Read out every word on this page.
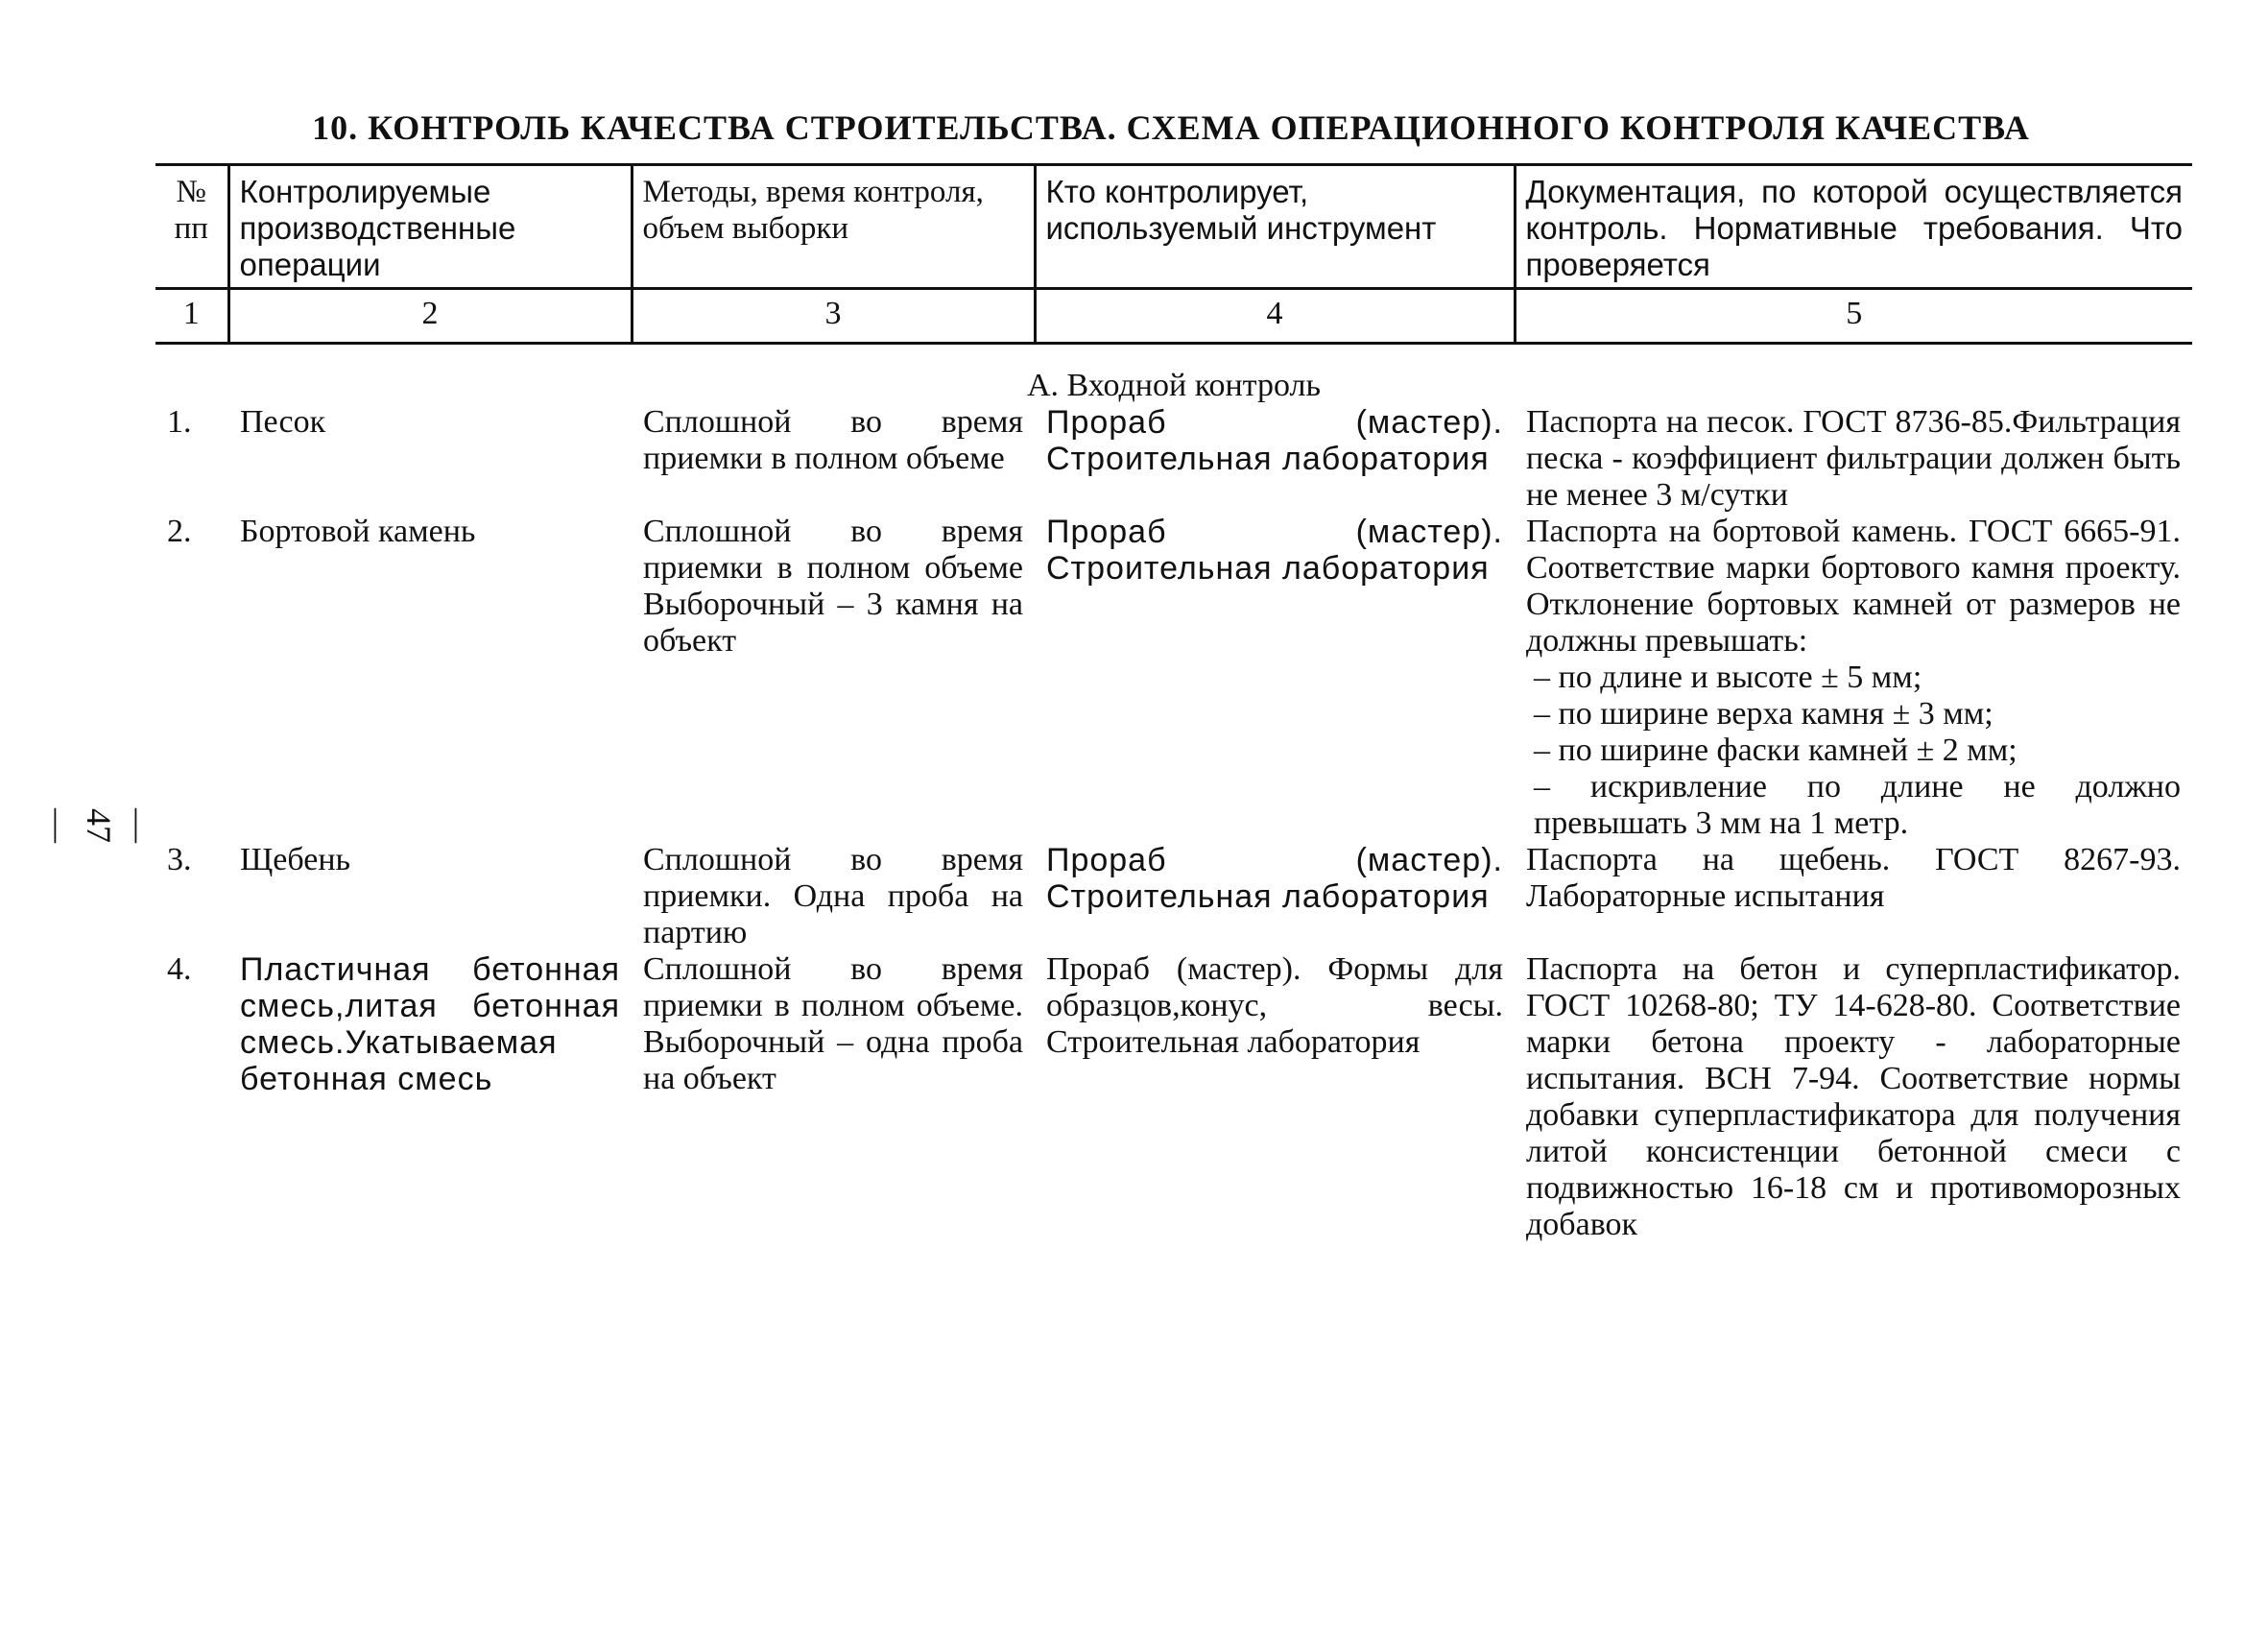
10. КОНТРОЛЬ КАЧЕСТВА СТРОИТЕЛЬСТВА. СХЕМА ОПЕРАЦИОННОГО КОНТРОЛЯ КАЧЕСТВА
— 47 —
№ пп	Контролируемые производственные операции	Методы, время контроля, объем выборки	Кто контролирует, используемый инструмент	Документация, по которой осуществляется контроль. Нормативные требования. Что проверяется
1	2	3	4	5
А. Входной контроль				
1.	Песок	Сплошной во время приемки в полном объеме	Прораб (мастер). Строительная лаборатория	Паспорта на песок. ГОСТ 8736-85.Фильтрация песка - коэффициент фильтрации должен быть не менее 3 м/сутки
2.	Бортовой камень	Сплошной во время приемки в полном объеме Выборочный – 3 камня на объект	Прораб (мастер). Строительная лаборатория	Паспорта на бортовой камень. ГОСТ 6665-91. Соответствие марки бортового камня проекту. Отклонение бортовых камней от размеров не должны превышать:
– по длине и высоте ± 5 мм;
– по ширине верха камня ± 3 мм;
– по ширине фаски камней ± 2 мм;
– искривление по длине не должно превышать 3 мм на 1 метр.

3.	Щебень	Сплошной во время приемки. Одна проба на партию	Прораб (мастер). Строительная лаборатория	Паспорта на щебень. ГОСТ 8267-93. Лабораторные испытания
4.	Пластичная бетонная смесь,литая бетонная смесь.Укатываемая бетонная смесь	Сплошной во время приемки в полном объеме. Выборочный – одна проба на объект	Прораб (мастер). Формы для образцов,конус, весы. Строительная лаборатория	Паспорта на бетон и суперпластификатор. ГОСТ 10268-80; ТУ 14-628-80. Соответствие марки бетона проекту - лабораторные испытания. ВСН 7-94. Соответствие нормы добавки суперпластификатора для получения литой консистенции бетонной смеси с подвижностью 16-18 см и противоморозных добавок
